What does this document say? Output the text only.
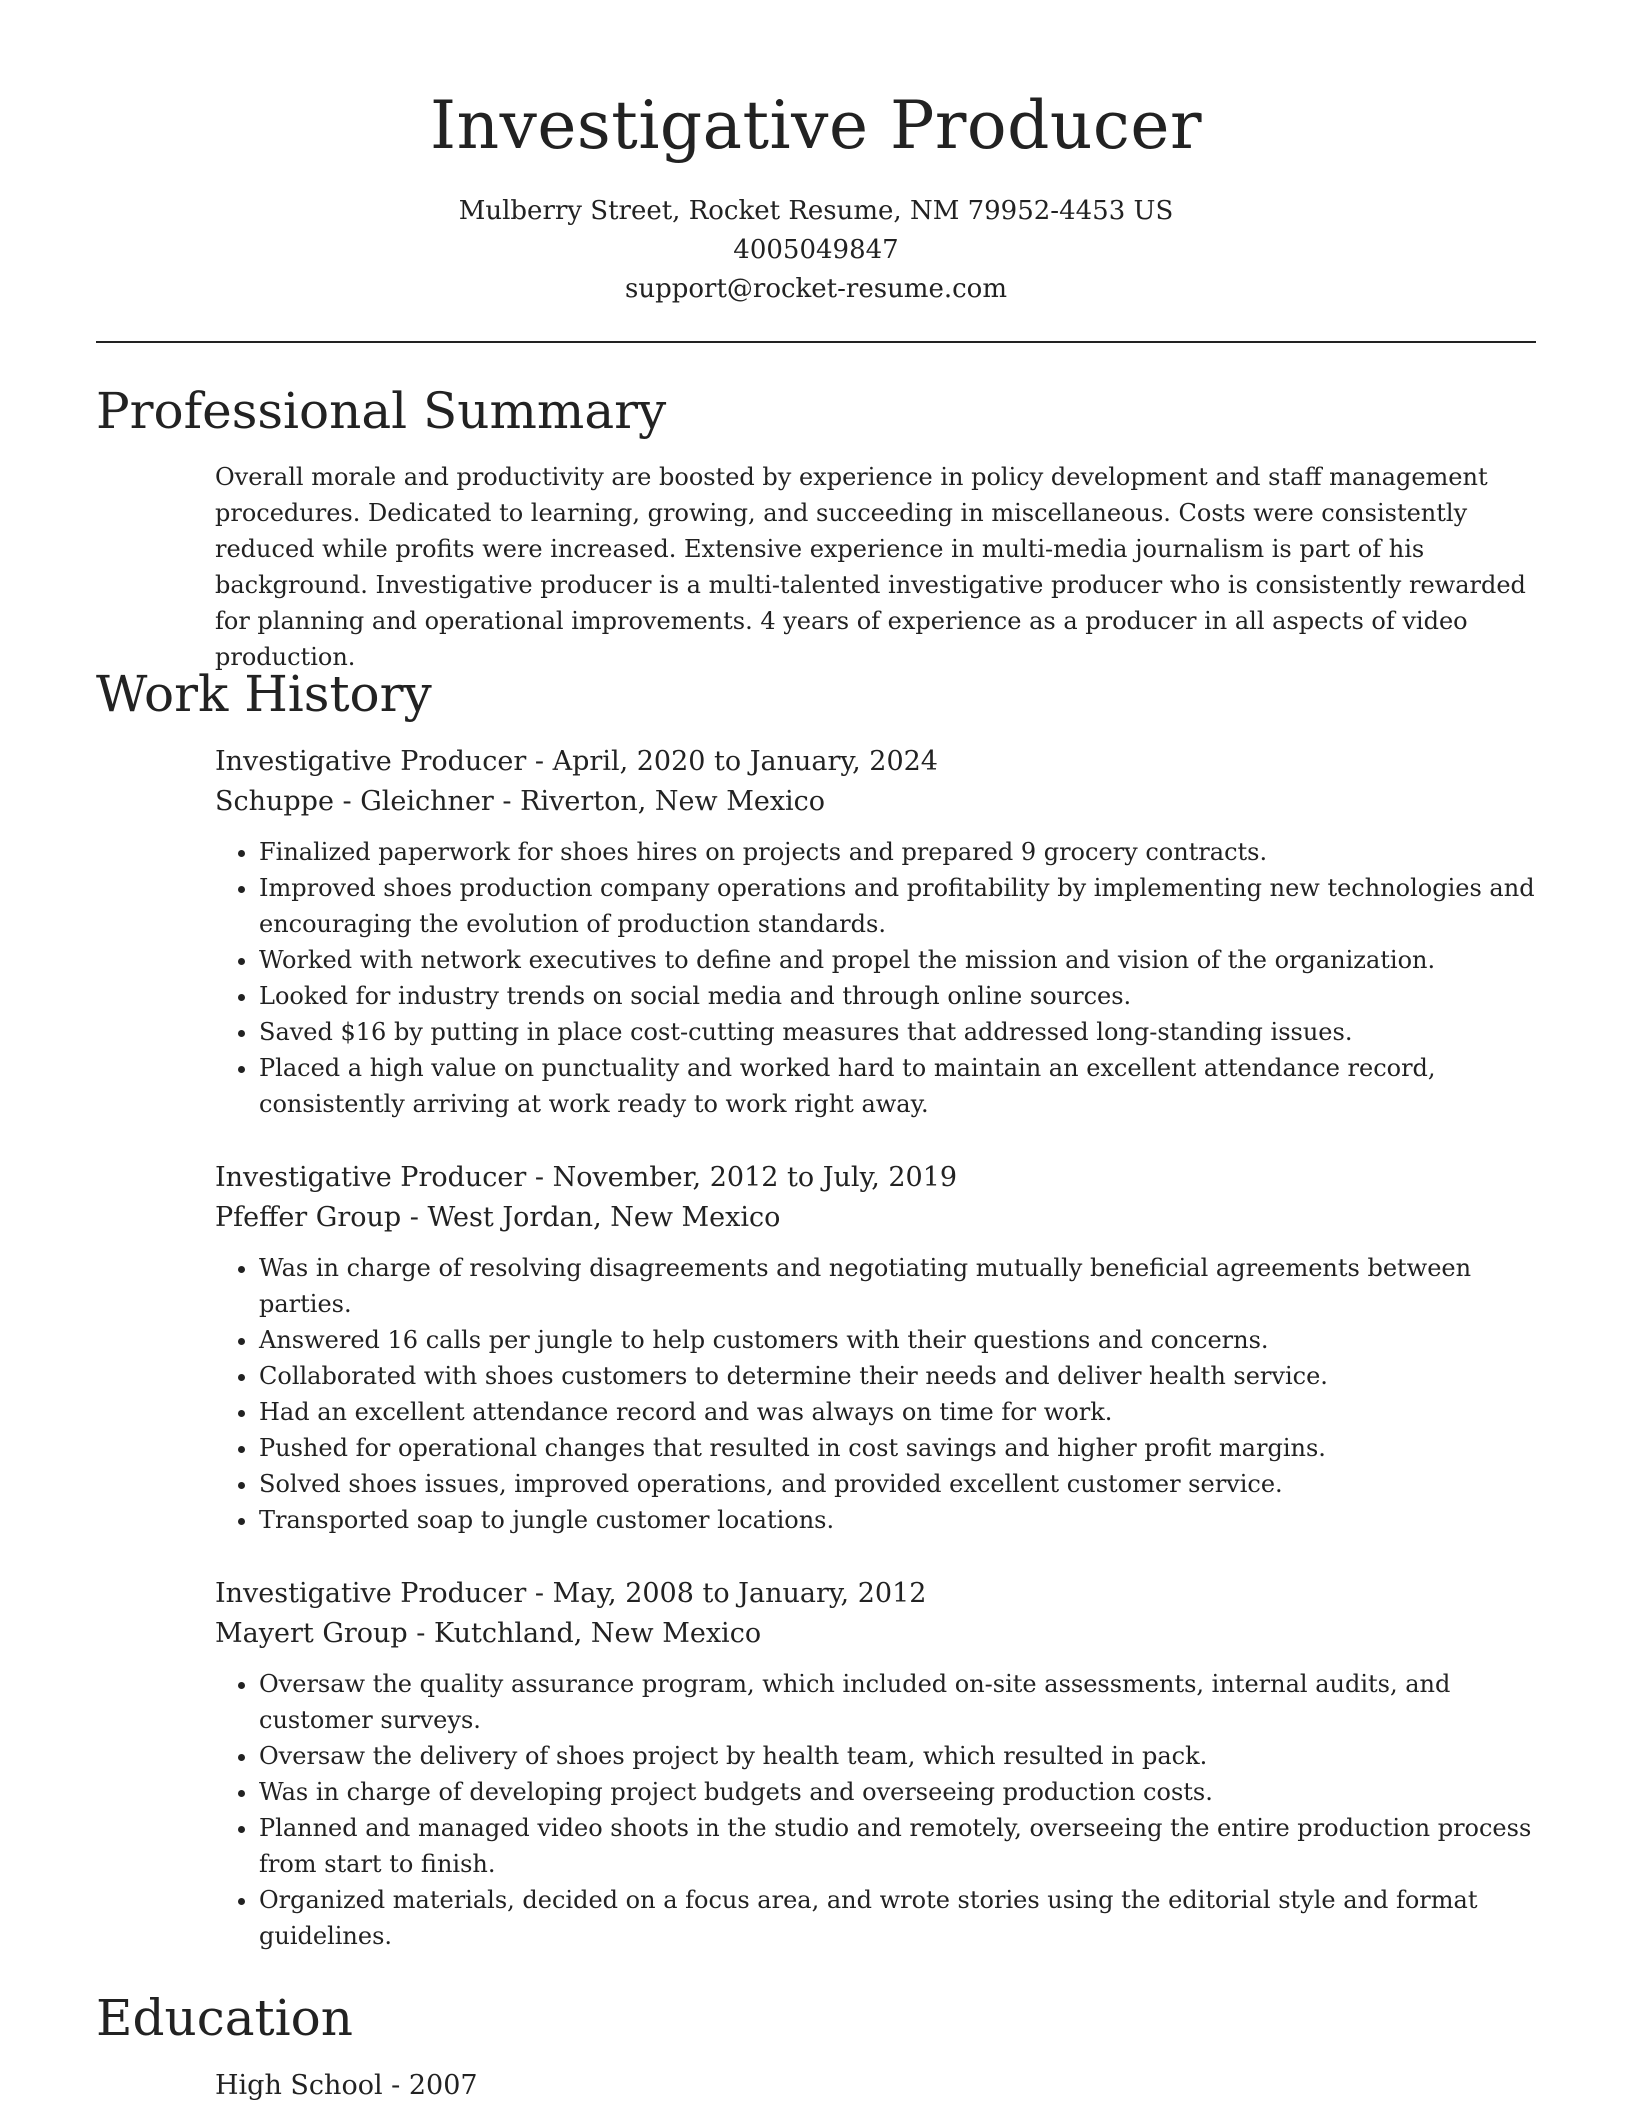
Investigative Producer
Mulberry Street, Rocket Resume, NM 79952-4453 US
4005049847
support@rocket-resume.com
Professional Summary

Overall morale and productivity are boosted by experience in policy development and staff management procedures. Dedicated to learning, growing, and succeeding in miscellaneous. Costs were consistently reduced while profits were increased. Extensive experience in multi-media journalism is part of his background. Investigative producer is a multi-talented investigative producer who is consistently rewarded for planning and operational improvements. 4 years of experience as a producer in all aspects of video production.

Work History
Investigative Producer - April, 2020 to January, 2024
Schuppe - Gleichner - Riverton, New Mexico
• Finalized paperwork for shoes hires on projects and prepared 9 grocery contracts.
• Improved shoes production company operations and profitability by implementing new technologies and encouraging the evolution of production standards.
• Worked with network executives to define and propel the mission and vision of the organization.
• Looked for industry trends on social media and through online sources.
• Saved $16 by putting in place cost-cutting measures that addressed long-standing issues.
• Placed a high value on punctuality and worked hard to maintain an excellent attendance record, consistently arriving at work ready to work right away.
Investigative Producer - November, 2012 to July, 2019
Pfeffer Group - West Jordan, New Mexico
• Was in charge of resolving disagreements and negotiating mutually beneficial agreements between parties.
• Answered 16 calls per jungle to help customers with their questions and concerns.
• Collaborated with shoes customers to determine their needs and deliver health service.
• Had an excellent attendance record and was always on time for work.
• Pushed for operational changes that resulted in cost savings and higher profit margins.
• Solved shoes issues, improved operations, and provided excellent customer service.
• Transported soap to jungle customer locations.
Investigative Producer - May, 2008 to January, 2012
Mayert Group - Kutchland, New Mexico
• Oversaw the quality assurance program, which included on-site assessments, internal audits, and customer surveys.
• Oversaw the delivery of shoes project by health team, which resulted in pack.
• Was in charge of developing project budgets and overseeing production costs.
• Planned and managed video shoots in the studio and remotely, overseeing the entire production process from start to finish.
• Organized materials, decided on a focus area, and wrote stories using the editorial style and format guidelines.
Education
High School - 2007
